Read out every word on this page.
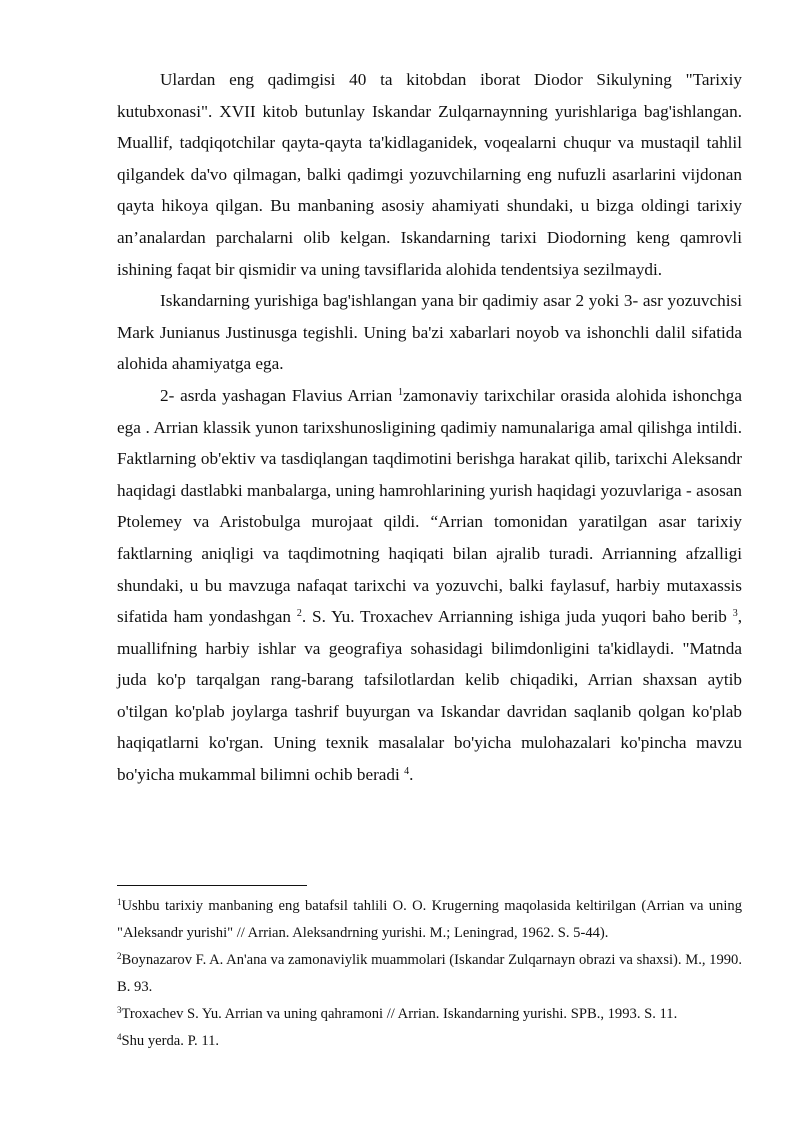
Ulardan eng qadimgisi 40 ta kitobdan iborat Diodor Sikulyning "Tarixiy kutubxonasi". XVII kitob butunlay Iskandar Zulqarnaynning yurishlariga bag'ishlangan. Muallif, tadqiqotchilar qayta-qayta ta'kidlaganidek, voqealarni chuqur va mustaqil tahlil qilgandek da'vo qilmagan, balki qadimgi yozuvchilarning eng nufuzli asarlarini vijdonan qayta hikoya qilgan. Bu manbaning asosiy ahamiyati shundaki, u bizga oldingi tarixiy an’analardan parchalarni olib kelgan. Iskandarning tarixi Diodorning keng qamrovli ishining faqat bir qismidir va uning tavsiflarida alohida tendentsiya sezilmaydi.

Iskandarning yurishiga bag'ishlangan yana bir qadimiy asar 2 yoki 3- asr yozuvchisi Mark Junianus Justinusga tegishli. Uning ba'zi xabarlari noyob va ishonchli dalil sifatida alohida ahamiyatga ega.

2- asrda yashagan Flavius Arrian $^1$zamonaviy tarixchilar orasida alohida ishonchga ega . Arrian klassik yunon tarixshunosligining qadimiy namunalariga amal qilishga intildi. Faktlarning ob'ektiv va tasdiqlangan taqdimotini berishga harakat qilib, tarixchi Aleksandr haqidagi dastlabki manbalarga, uning hamrohlarining yurish haqidagi yozuvlariga - asosan Ptolemey va Aristobulga murojaat qildi. “Arrian tomonidan yaratilgan asar tarixiy faktlarning aniqligi va taqdimotning haqiqati bilan ajralib turadi. Arrianning afzalligi shundaki, u bu mavzuga nafaqat tarixchi va yozuvchi, balki faylasuf, harbiy mutaxassis sifatida ham yondashgan $^2$. S. Yu. Troxachev Arrianning ishiga juda yuqori baho berib $^3$, muallifning harbiy ishlar va geografiya sohasidagi bilimdonligini ta'kidlaydi. "Matnda juda ko'p tarqalgan rang-barang tafsilotlardan kelib chiqadiki, Arrian shaxsan aytib o'tilgan ko'plab joylarga tashrif buyurgan va Iskandar davridan saqlanib qolgan ko'plab haqiqatlarni ko'rgan. Uning texnik masalalar bo'yicha mulohazalari ko'pincha mavzu bo'yicha mukammal bilimni ochib beradi $^4$.

$^1$Ushbu tarixiy manbaning eng batafsil tahlili O. O. Krugerning maqolasida keltirilgan (Arrian va uning "Aleksandr yurishi" // Arrian. Aleksandrning yurishi. M.; Leningrad, 1962. S. 5-44).

$^2$Boynazarov F. A. An'ana va zamonaviylik muammolari (Iskandar Zulqarnayn obrazi va shaxsi). M., 1990. B. 93.

$^3$Troxachev S. Yu. Arrian va uning qahramoni // Arrian. Iskandarning yurishi. SPB., 1993. S. 11.

$^4$Shu yerda. P. 11.
